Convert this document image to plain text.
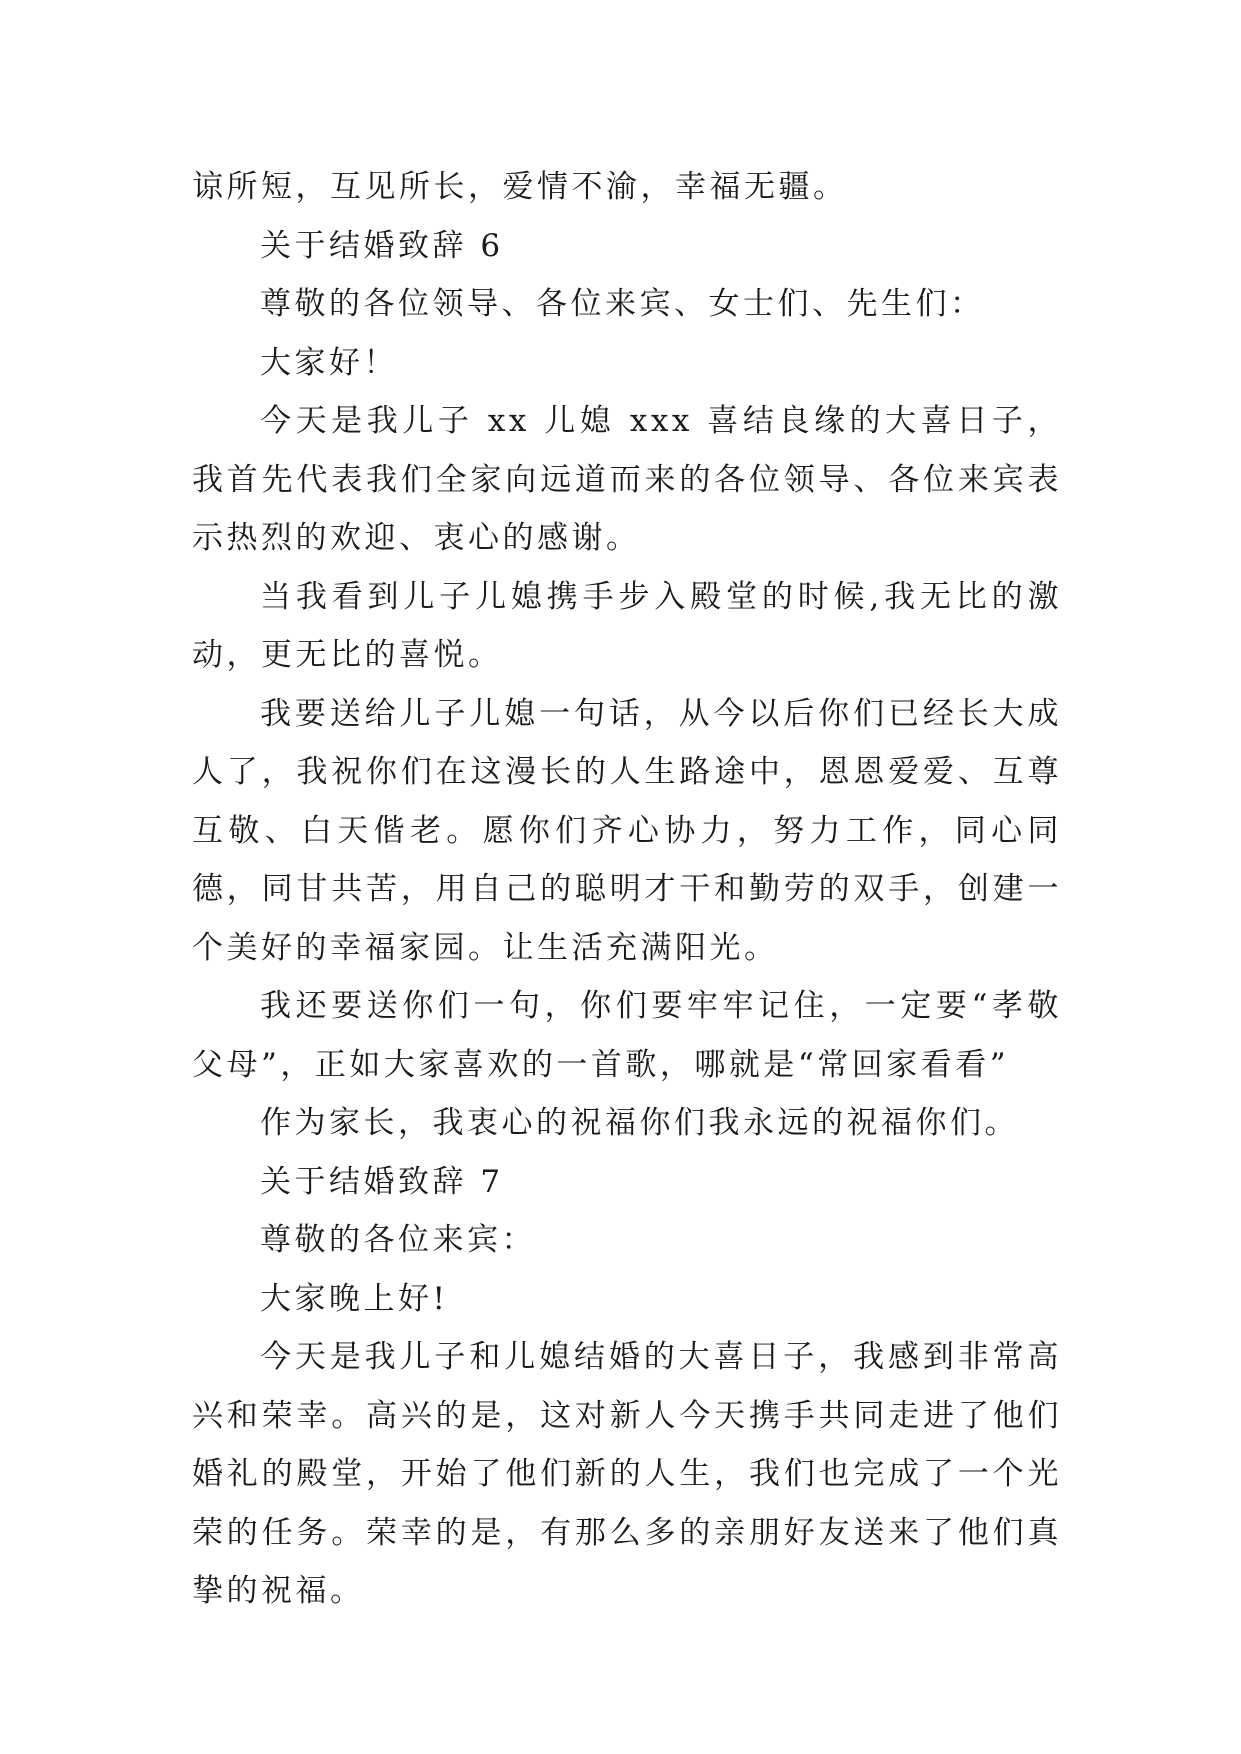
谅所短，互见所长，爱情不渝，幸福无疆。

关于结婚致辞 6

尊敬的各位领导、各位来宾、女士们、先生们：

大家好！

今天是我儿子 xx 儿媳 xxx 喜结良缘的大喜日子，我首先代表我们全家向远道而来的各位领导、各位来宾表示热烈的欢迎、衷心的感谢。

当我看到儿子儿媳携手步入殿堂的时候,我无比的激动，更无比的喜悦。

我要送给儿子儿媳一句话，从今以后你们已经长大成人了，我祝你们在这漫长的人生路途中，恩恩爱爱、互尊互敬、白天偕老。愿你们齐心协力，努力工作，同心同德，同甘共苦，用自己的聪明才干和勤劳的双手，创建一个美好的幸福家园。让生活充满阳光。

我还要送你们一句，你们要牢牢记住，一定要“孝敬父母”，正如大家喜欢的一首歌，哪就是“常回家看看”

作为家长，我衷心的祝福你们我永远的祝福你们。

关于结婚致辞 7

尊敬的各位来宾：

大家晚上好!

今天是我儿子和儿媳结婚的大喜日子，我感到非常高兴和荣幸。高兴的是，这对新人今天携手共同走进了他们婚礼的殿堂，开始了他们新的人生，我们也完成了一个光荣的任务。荣幸的是，有那么多的亲朋好友送来了他们真挚的祝福。
